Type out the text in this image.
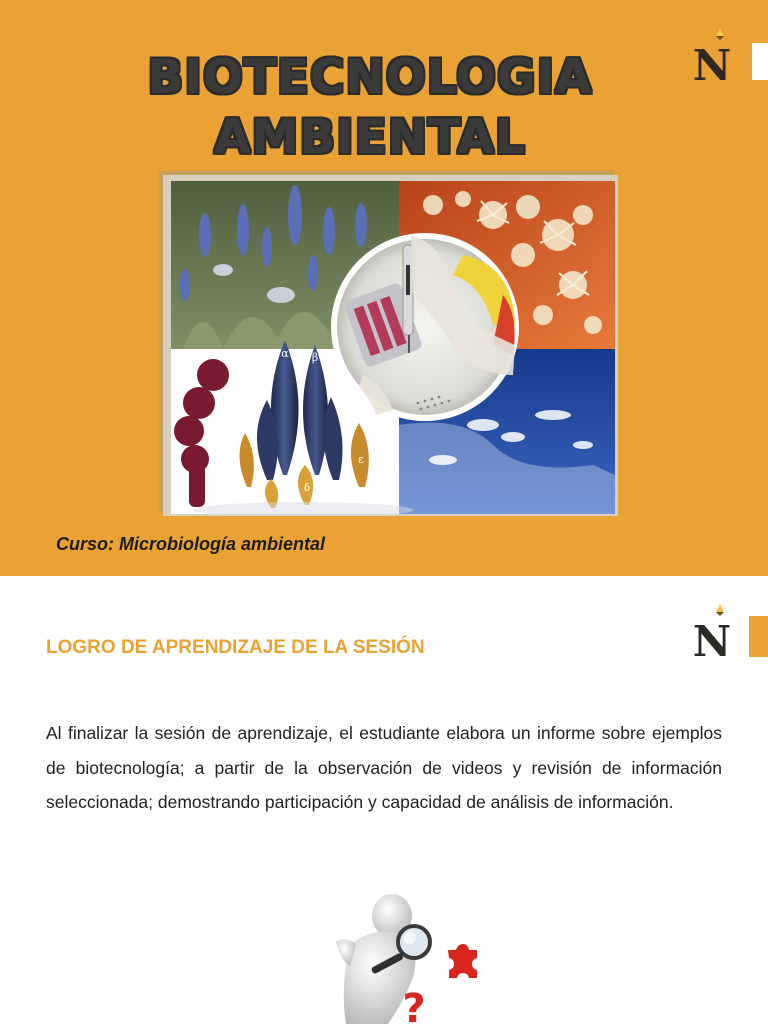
BIOTECNOLOGIA
AMBIENTAL
N
α β
ε
δ
Curso: Microbiología ambiental
N
LOGRO DE APRENDIZAJE DE LA SESIÓN

Al finalizar la sesión de aprendizaje, el estudiante elabora un informe sobre ejemplos de biotecnología; a partir de la observación de videos y revisión de información seleccionada; demostrando participación y capacidad de análisis de información.

?
